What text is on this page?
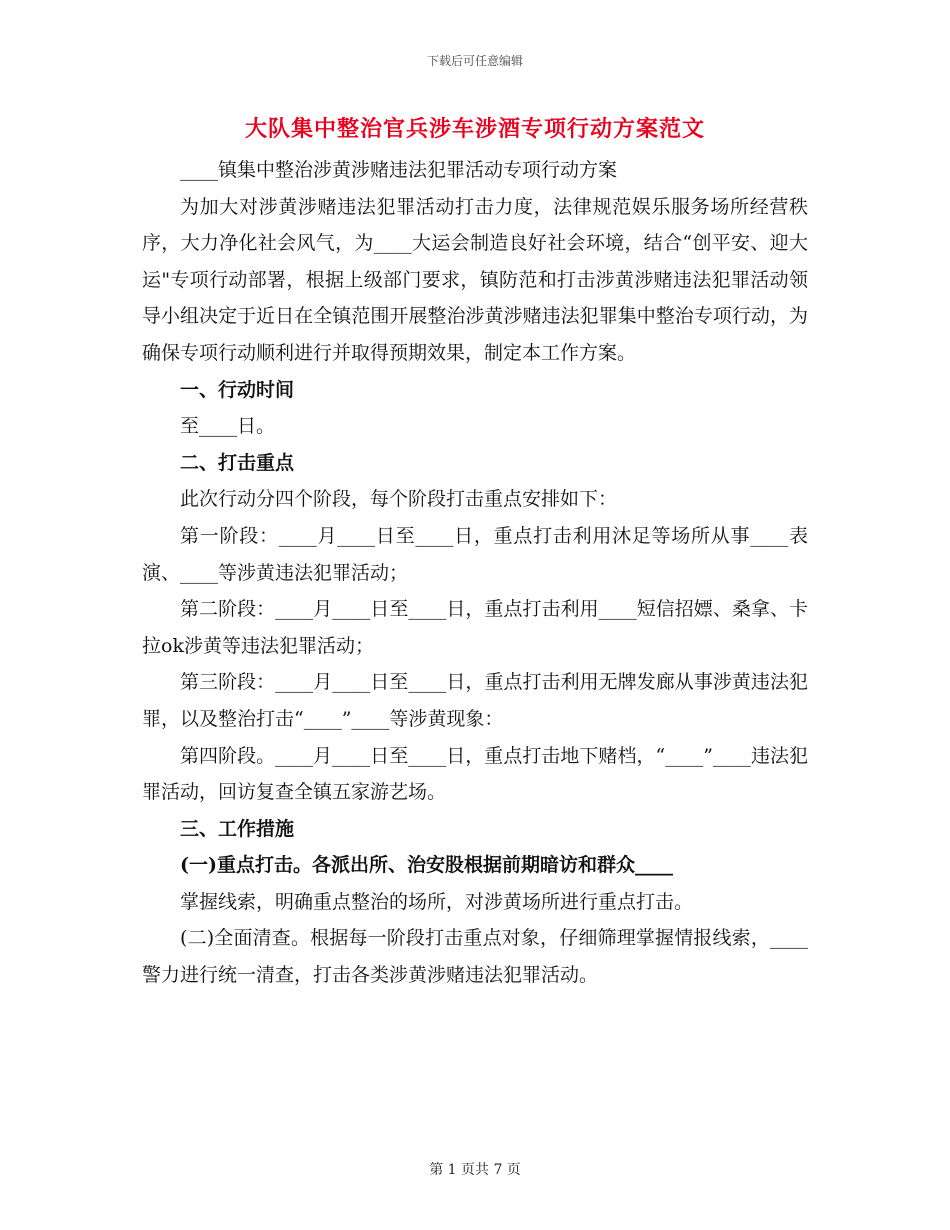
下载后可任意编辑
大队集中整治官兵涉车涉酒专项行动方案范文

____镇集中整治涉黄涉赌违法犯罪活动专项行动方案

为加大对涉黄涉赌违法犯罪活动打击力度，法律规范娱乐服务场所经营秩序，大力净化社会风气，为____大运会制造良好社会环境，结合“创平安、迎大运"专项行动部署，根据上级部门要求，镇防范和打击涉黄涉赌违法犯罪活动领导小组决定于近日在全镇范围开展整治涉黄涉赌违法犯罪集中整治专项行动，为确保专项行动顺利进行并取得预期效果，制定本工作方案。

一、行动时间

至____日。

二、打击重点

此次行动分四个阶段，每个阶段打击重点安排如下：

第一阶段：____月____日至____日，重点打击利用沐足等场所从事____表演、____等涉黄违法犯罪活动；

第二阶段：____月____日至____日，重点打击利用____短信招嫖、桑拿、卡拉ok涉黄等违法犯罪活动；

第三阶段：____月____日至____日，重点打击利用无牌发廊从事涉黄违法犯罪，以及整治打击“____”____等涉黄现象：

第四阶段。____月____日至____日，重点打击地下赌档，“____”____违法犯罪活动，回访复查全镇五家游艺场。

三、工作措施

(一)重点打击。各派出所、治安股根据前期暗访和群众____

掌握线索，明确重点整治的场所，对涉黄场所进行重点打击。

(二)全面清查。根据每一阶段打击重点对象，仔细筛理掌握情报线索，____警力进行统一清查，打击各类涉黄涉赌违法犯罪活动。

第 1 页共 7 页
